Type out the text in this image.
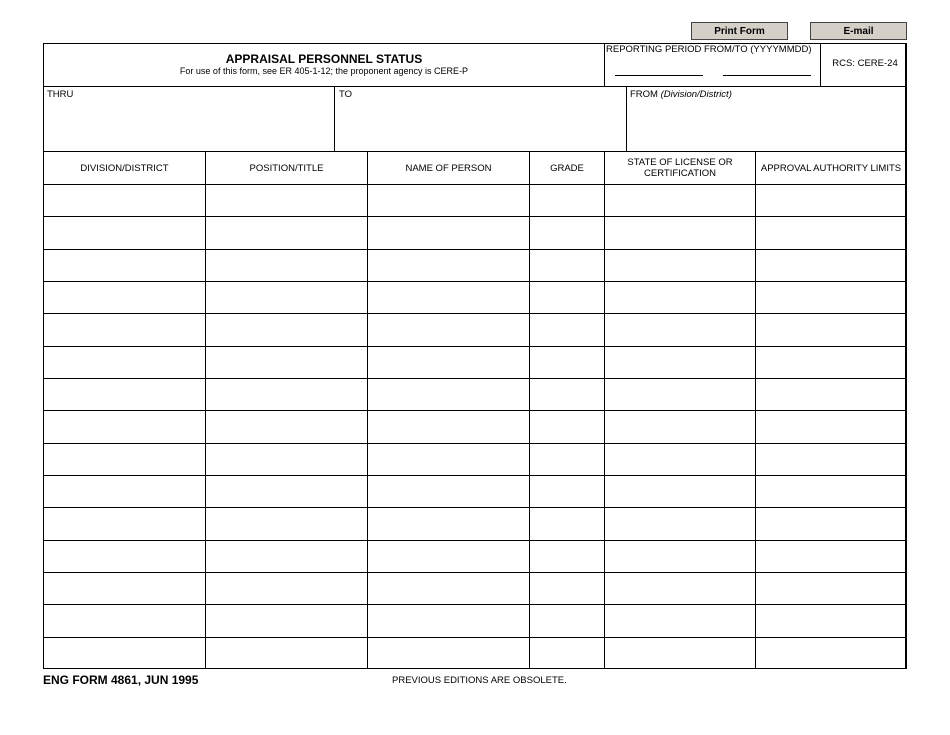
Print Form	E-mail
APPRAISAL PERSONNEL STATUS
For use of this form, see ER 405-1-12; the proponent agency is CERE-P
REPORTING PERIOD FROM/TO (YYYYMMDD)
RCS: CERE-24
THRU	TO	FROM (Division/District)
DIVISION/DISTRICT	POSITION/TITLE	NAME OF PERSON	GRADE	STATE OF LICENSE OR CERTIFICATION	APPROVAL AUTHORITY LIMITS
ENG FORM 4861, JUN 1995	PREVIOUS EDITIONS ARE OBSOLETE.
